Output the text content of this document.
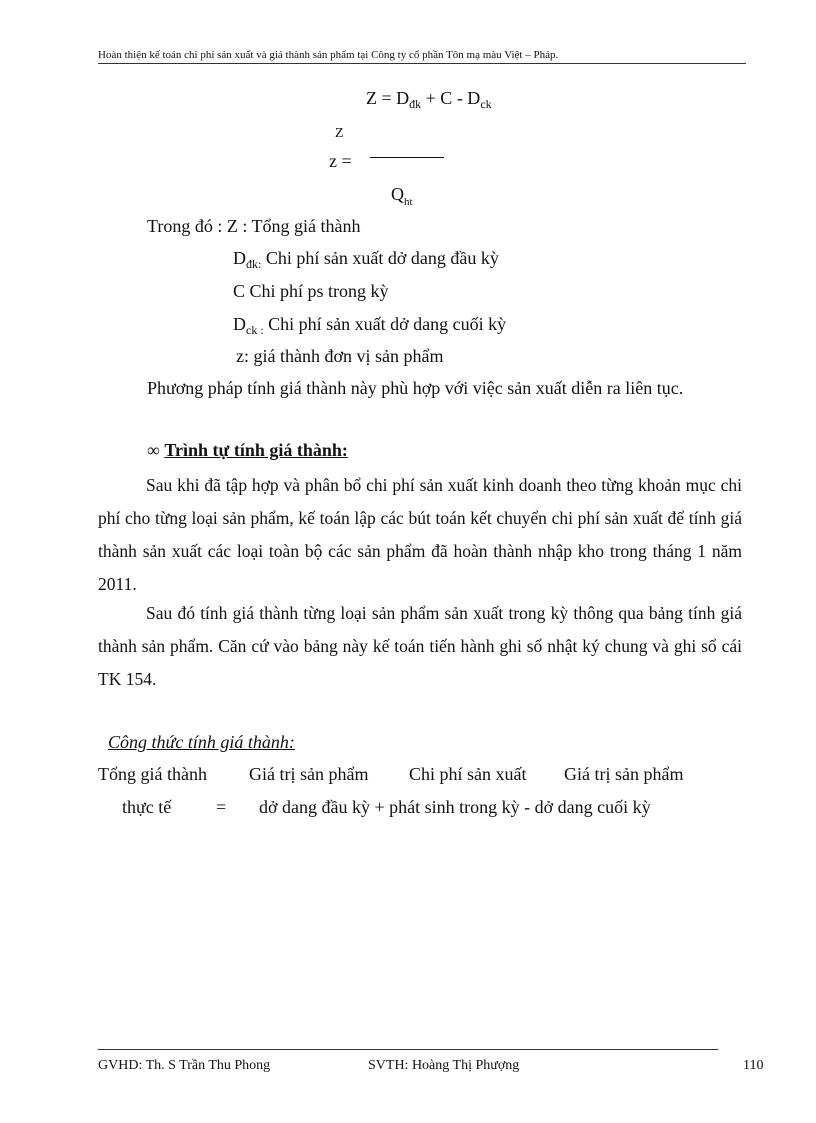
Hoàn thiện kế toán chi phí sản xuất và giá thành sản phẩm tại Công ty cổ phần Tôn mạ màu Việt – Pháp.
$Z = D_{đk} + C - D_{ck}$
Z
z =
$Q_{ht}$
Trong đó : Z : Tổng giá thành
$D_{đk:}$ Chi phí sản xuất dở dang đầu kỳ
C Chi phí ps trong kỳ
$D_{ck :}$ Chi phí sản xuất dở dang cuối kỳ
z: giá thành đơn vị sản phẩm
Phương pháp tính giá thành này phù hợp với việc sản xuất diễn ra liên tục.
∞ Trình tự tính giá thành:
Sau khi đã tập hợp và phân bổ chi phí sản xuất kinh doanh theo từng khoản mục chi phí cho từng loại sản phẩm, kế toán lập các bút toán kết chuyển chi phí sản xuất để tính giá thành sản xuất các loại toàn bộ các sản phẩm đã hoàn thành nhập kho trong tháng 1 năm 2011.
Sau đó tính giá thành từng loại sản phẩm sản xuất trong kỳ thông qua bảng tính giá thành sản phẩm. Căn cứ vào bảng này kế toán tiến hành ghi sổ nhật ký chung và ghi sổ cái TK 154.
Công thức tính giá thành:
Tổng giá thành Giá trị sản phẩm Chi phí sản xuất Giá trị sản phẩm
thực tế = dở dang đầu kỳ + phát sinh trong kỳ - dở dang cuối kỳ
GVHD: Th. S Trần Thu Phong	SVTH: Hoàng Thị Phượng	110
